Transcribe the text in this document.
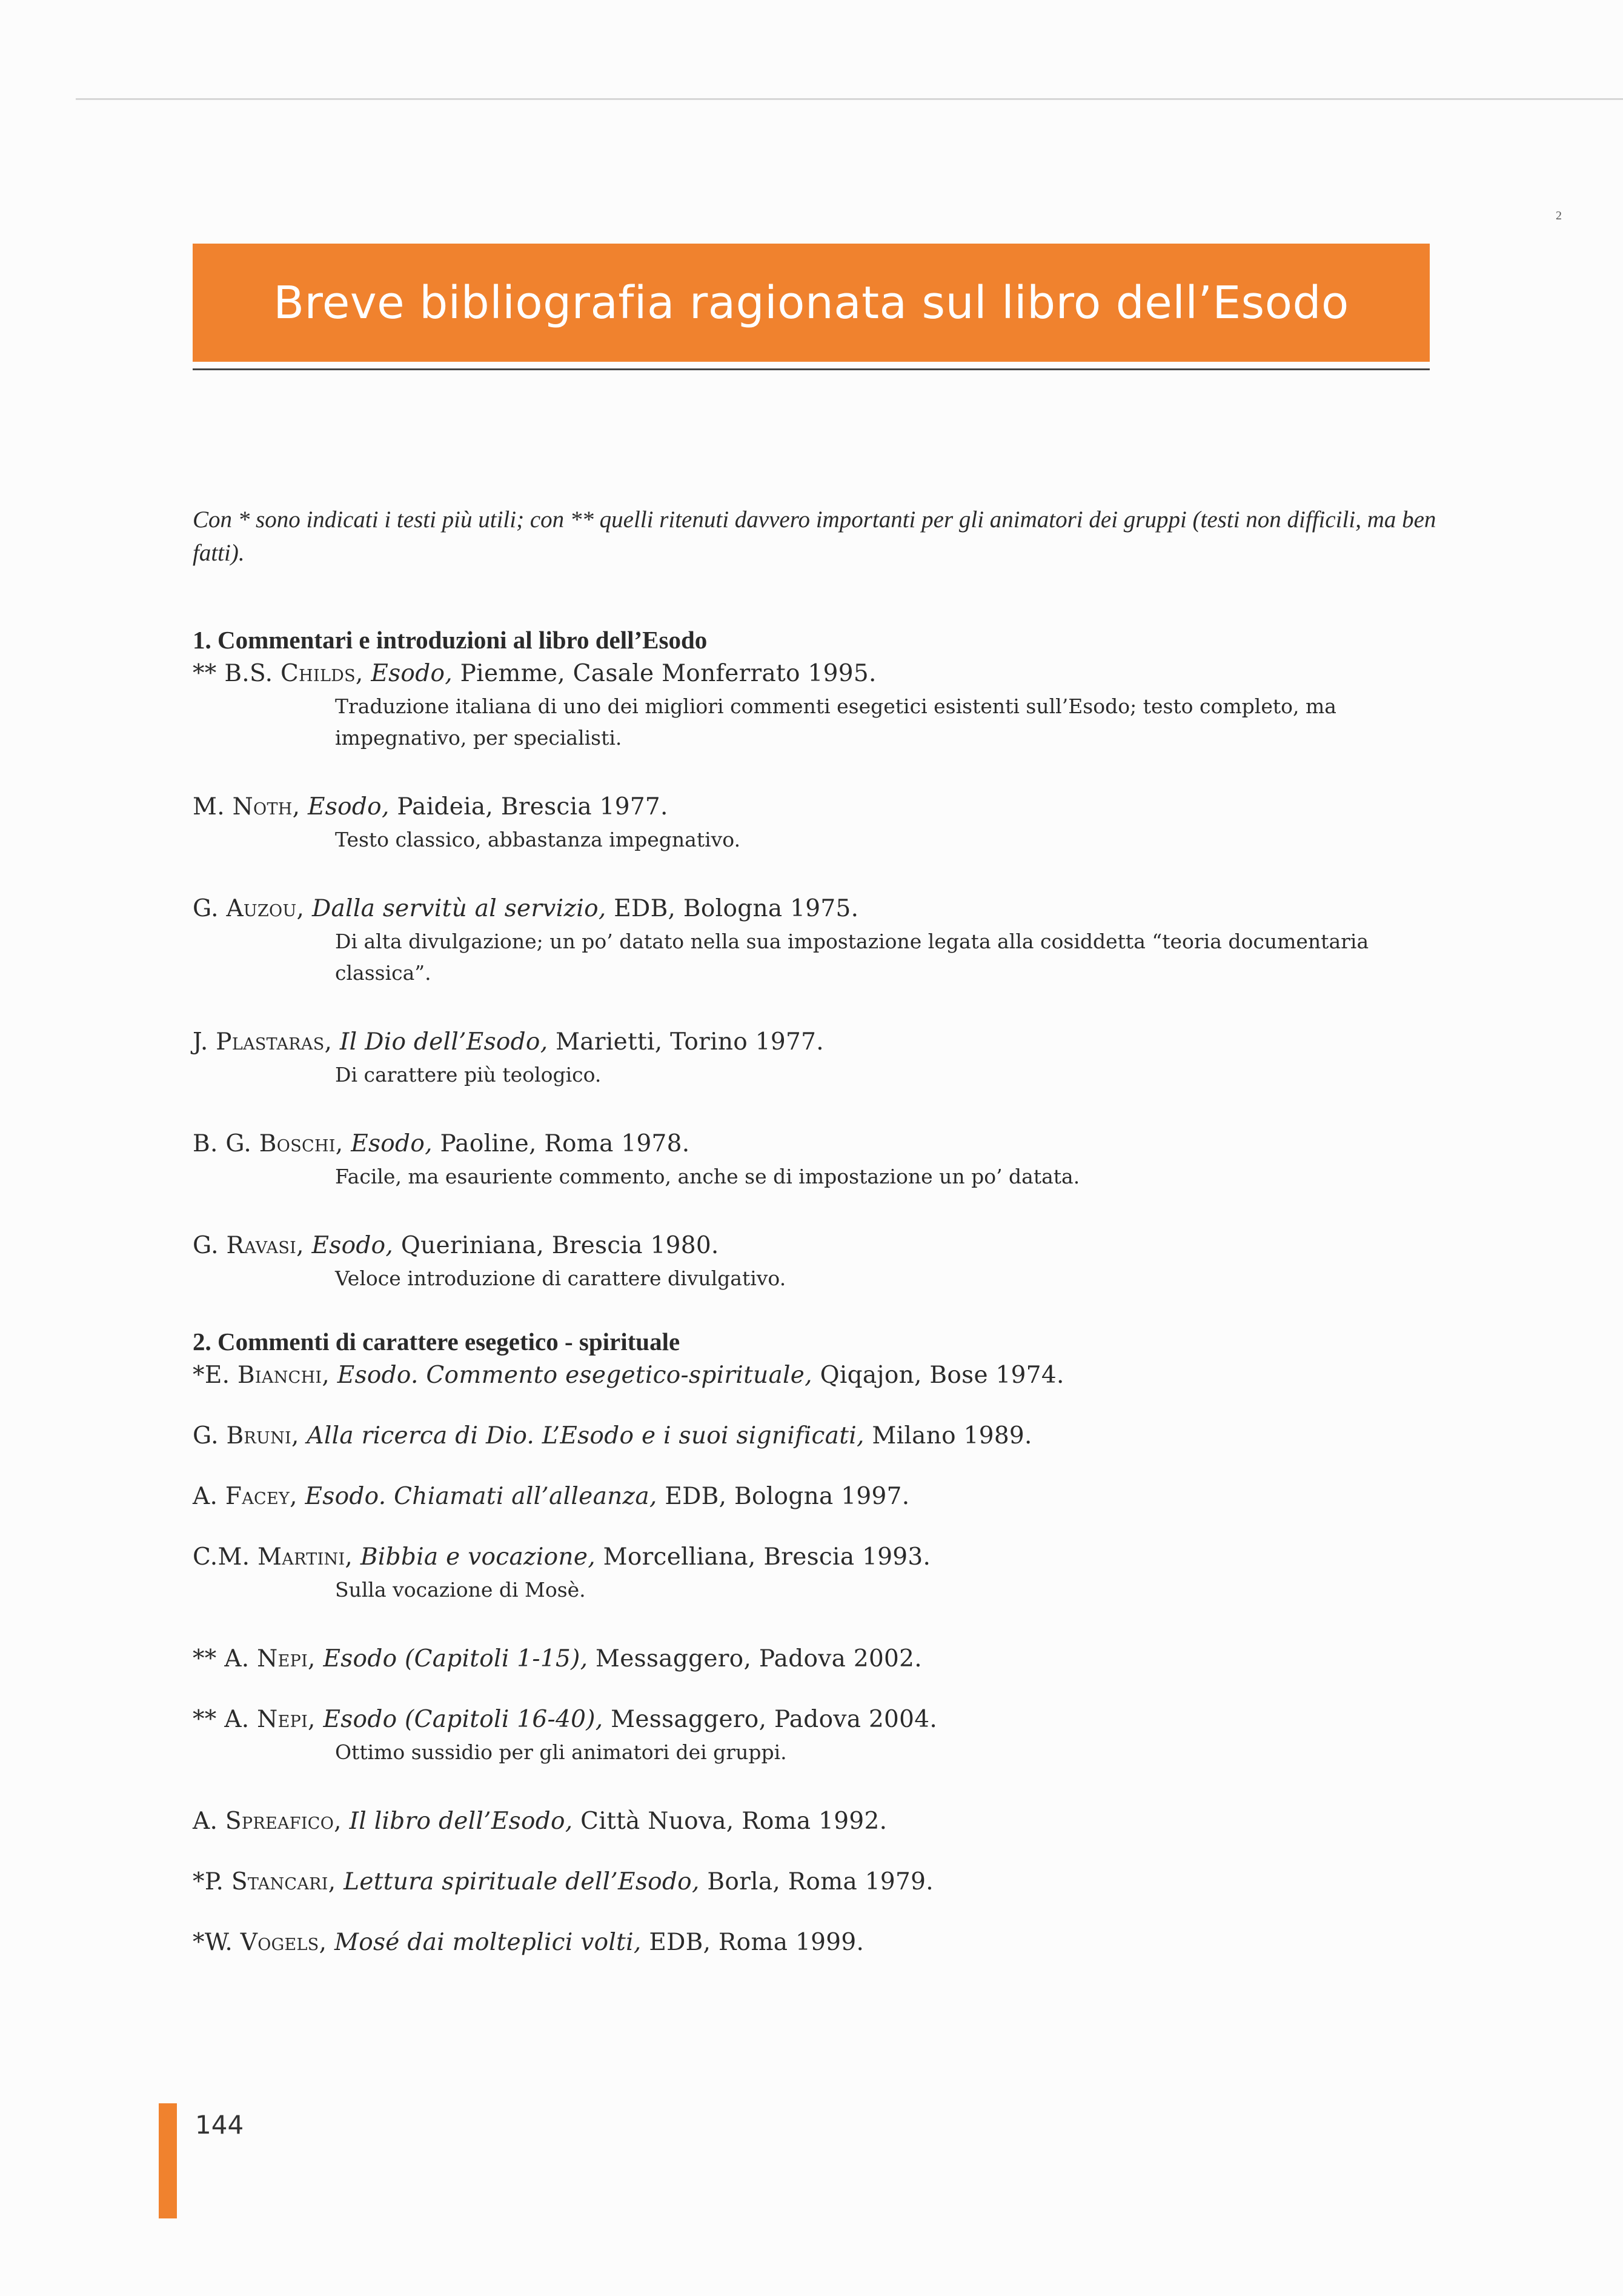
2
Breve bibliografia ragionata sul libro dell’Esodo

Con * sono indicati i testi più utili; con ** quelli ritenuti davvero importanti per gli animatori dei gruppi (testi non difficili, ma ben fatti).

1. Commentari e introduzioni al libro dell’Esodo

** B.S. Childs, Esodo, Piemme, Casale Monferrato 1995.

Traduzione italiana di uno dei migliori commenti esegetici esistenti sull’Esodo; testo completo, ma impegnativo, per specialisti.

M. Noth, Esodo, Paideia, Brescia 1977.

Testo classico, abbastanza impegnativo.

G. Auzou, Dalla servitù al servizio, EDB, Bologna 1975.

Di alta divulgazione; un po’ datato nella sua impostazione legata alla cosiddetta “teoria documentaria classica”.

J. Plastaras, Il Dio dell’Esodo, Marietti, Torino 1977.

Di carattere più teologico.

B. G. Boschi, Esodo, Paoline, Roma 1978.

Facile, ma esauriente commento, anche se di impostazione un po’ datata.

G. Ravasi, Esodo, Queriniana, Brescia 1980.

Veloce introduzione di carattere divulgativo.

2. Commenti di carattere esegetico - spirituale

*E. Bianchi, Esodo. Commento esegetico-spirituale, Qiqajon, Bose 1974.

G. Bruni, Alla ricerca di Dio. L’Esodo e i suoi significati, Milano 1989.

A. Facey, Esodo. Chiamati all’alleanza, EDB, Bologna 1997.

C.M. Martini, Bibbia e vocazione, Morcelliana, Brescia 1993.

Sulla vocazione di Mosè.

** A. Nepi, Esodo (Capitoli 1-15), Messaggero, Padova 2002.

** A. Nepi, Esodo (Capitoli 16-40), Messaggero, Padova 2004.

Ottimo sussidio per gli animatori dei gruppi.

A. Spreafico, Il libro dell’Esodo, Città Nuova, Roma 1992.

*P. Stancari, Lettura spirituale dell’Esodo, Borla, Roma 1979.

*W. Vogels, Mosé dai molteplici volti, EDB, Roma 1999.

144
